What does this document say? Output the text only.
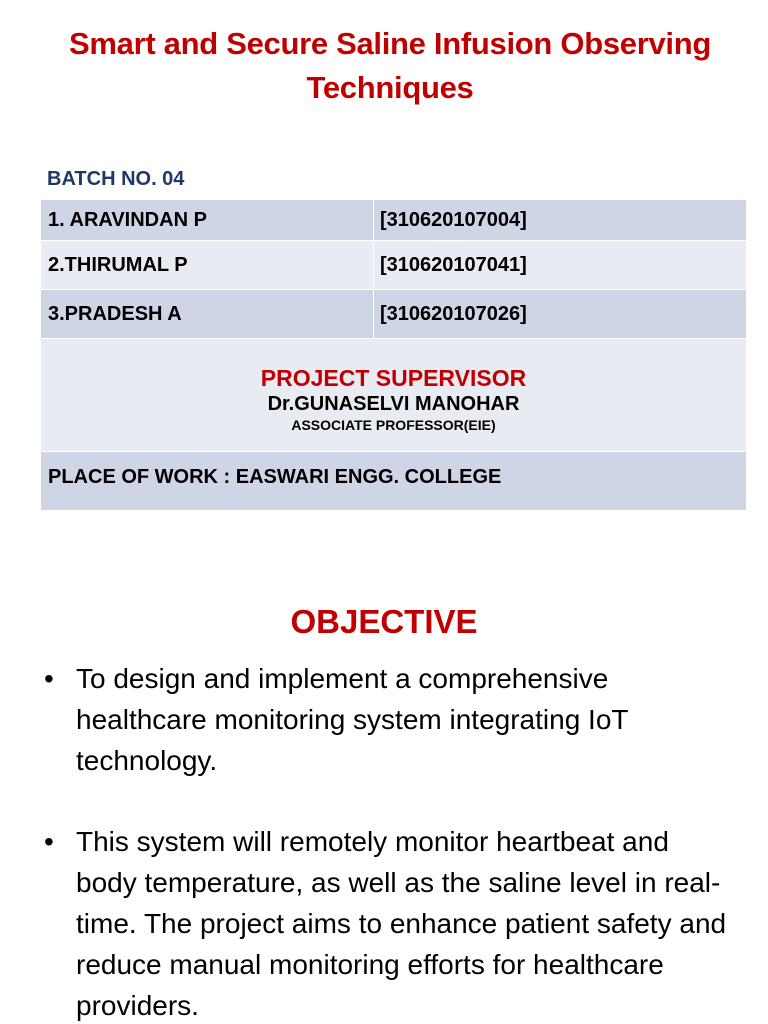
Smart and Secure Saline Infusion Observing Techniques
BATCH NO. 04
1. ARAVINDAN P	[310620107004]
2.THIRUMAL P	[310620107041]
3.PRADESH A	[310620107026]

PROJECT SUPERVISOR
Dr.GUNASELVI MANOHAR
ASSOCIATE PROFESSOR(EIE)	

PLACE OF WORK : EASWARI ENGG. COLLEGE	
OBJECTIVE
• To design and implement a comprehensive healthcare monitoring system integrating IoT technology.
• This system will remotely monitor heartbeat and body temperature, as well as the saline level in real-time. The project aims to enhance patient safety and reduce manual monitoring efforts for healthcare providers.
